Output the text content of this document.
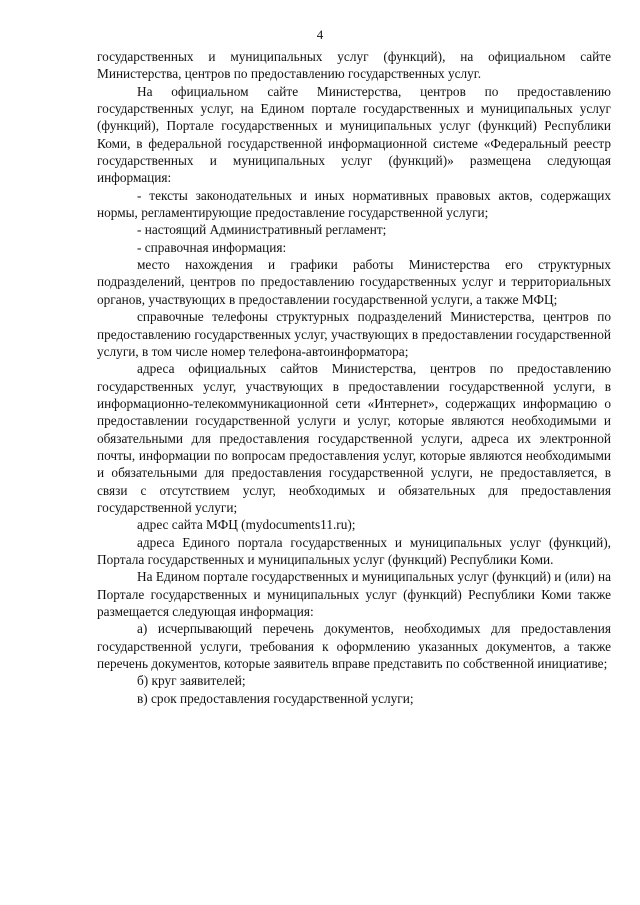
4

государственных и муниципальных услуг (функций), на официальном сайте Министерства, центров по предоставлению государственных услуг.

На официальном сайте Министерства, центров по предоставлению государственных услуг, на Едином портале государственных и муниципальных услуг (функций), Портале государственных и муниципальных услуг (функций) Республики Коми, в федеральной государственной информационной системе «Федеральный реестр государственных и муниципальных услуг (функций)» размещена следующая информация:

- тексты законодательных и иных нормативных правовых актов, содержащих нормы, регламентирующие предоставление государственной услуги;

- настоящий Административный регламент;

- справочная информация:

место нахождения и графики работы Министерства его структурных подразделений, центров по предоставлению государственных услуг и территориальных органов, участвующих в предоставлении государственной услуги, а также МФЦ;

справочные телефоны структурных подразделений Министерства, центров по предоставлению государственных услуг, участвующих в предоставлении государственной услуги, в том числе номер телефона-автоинформатора;

адреса официальных сайтов Министерства, центров по предоставлению государственных услуг, участвующих в предоставлении государственной услуги, в информационно-телекоммуникационной сети «Интернет», содержащих информацию о предоставлении государственной услуги и услуг, которые являются необходимыми и обязательными для предоставления государственной услуги, адреса их электронной почты, информации по вопросам предоставления услуг, которые являются необходимыми и обязательными для предоставления государственной услуги, не предоставляется, в связи с отсутствием услуг, необходимых и обязательных для предоставления государственной услуги;

адрес сайта МФЦ (mydocuments11.ru);

адреса Единого портала государственных и муниципальных услуг (функций), Портала государственных и муниципальных услуг (функций) Республики Коми.

На Едином портале государственных и муниципальных услуг (функций) и (или) на Портале государственных и муниципальных услуг (функций) Республики Коми также размещается следующая информация:

а) исчерпывающий перечень документов, необходимых для предоставления государственной услуги, требования к оформлению указанных документов, а также перечень документов, которые заявитель вправе представить по собственной инициативе;

б) круг заявителей;

в) срок предоставления государственной услуги;
